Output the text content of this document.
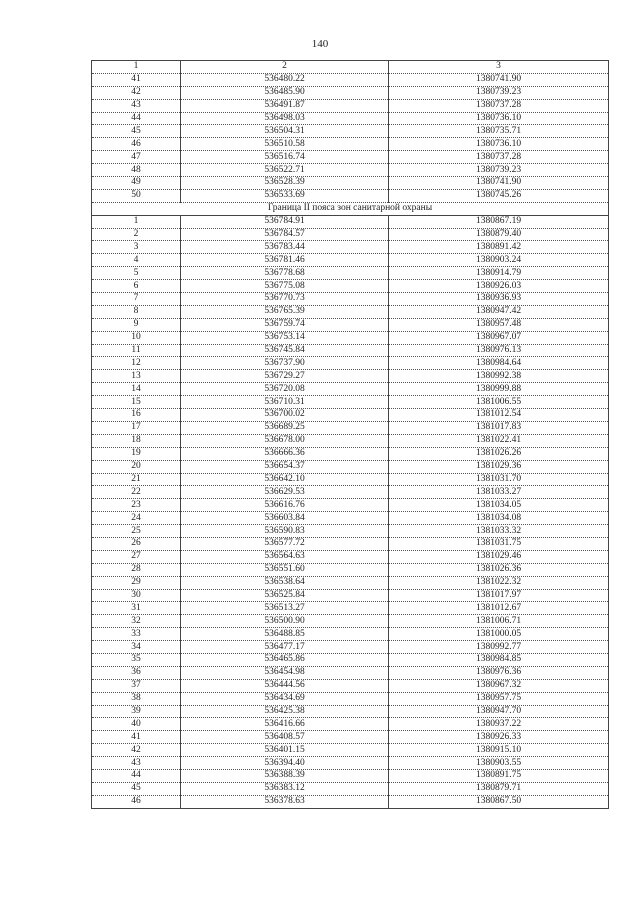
140
1	2	3
41	536480.22	1380741.90
42	536485.90	1380739.23
43	536491.87	1380737.28
44	536498.03	1380736.10
45	536504.31	1380735.71
46	536510.58	1380736.10
47	536516.74	1380737.28
48	536522.71	1380739.23
49	536528.39	1380741.90
50	536533.69	1380745.26
Граница II пояса зон санитарной охраны		
1	536784.91	1380867.19
2	536784.57	1380879.40
3	536783.44	1380891.42
4	536781.46	1380903.24
5	536778.68	1380914.79
6	536775.08	1380926.03
7	536770.73	1380936.93
8	536765.39	1380947.42
9	536759.74	1380957.48
10	536753.14	1380967.07
11	536745.84	1380976.13
12	536737.90	1380984.64
13	536729.27	1380992.38
14	536720.08	1380999.88
15	536710.31	1381006.55
16	536700.02	1381012.54
17	536689.25	1381017.83
18	536678.00	1381022.41
19	536666.36	1381026.26
20	536654.37	1381029.36
21	536642.10	1381031.70
22	536629.53	1381033.27
23	536616.76	1381034.05
24	536603.84	1381034.08
25	536590.83	1381033.32
26	536577.72	1381031.75
27	536564.63	1381029.46
28	536551.60	1381026.36
29	536538.64	1381022.32
30	536525.84	1381017.97
31	536513.27	1381012.67
32	536500.90	1381006.71
33	536488.85	1381000.05
34	536477.17	1380992.77
35	536465.86	1380984.85
36	536454.98	1380976.36
37	536444.56	1380967.32
38	536434.69	1380957.75
39	536425.38	1380947.70
40	536416.66	1380937.22
41	536408.57	1380926.33
42	536401.15	1380915.10
43	536394.40	1380903.55
44	536388.39	1380891.75
45	536383.12	1380879.71
46	536378.63	1380867.50
